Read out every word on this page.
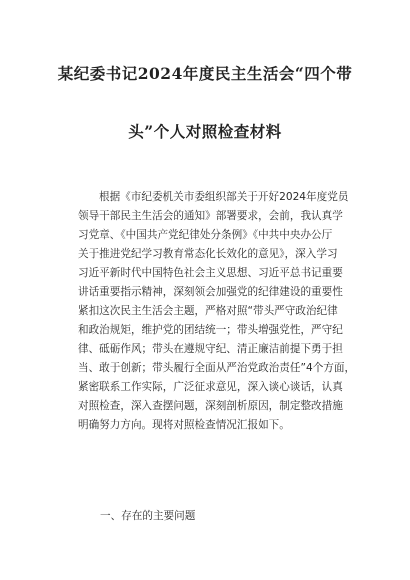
某纪委书记2024年度民主生活会“四个带
头”个人对照检查材料
根据《市纪委机关市委组织部关于开好2024年度党员
领导干部民主生活会的通知》部署要求，会前，我认真学
习党章、《中国共产党纪律处分条例》《中共中央办公厅
关于推进党纪学习教育常态化长效化的意见》，深入学习
习近平新时代中国特色社会主义思想、习近平总书记重要
讲话重要指示精神，深刻领会加强党的纪律建设的重要性
紧扣这次民主生活会主题，严格对照“带头严守政治纪律
和政治规矩，维护党的团结统一；带头增强党性，严守纪
律、砥砺作风；带头在遵规守纪、清正廉洁前提下勇于担
当、敢于创新；带头履行全面从严治党政治责任”4个方面，
紧密联系工作实际，广泛征求意见，深入谈心谈话，认真
对照检查，深入查摆问题，深刻剖析原因，制定整改措施
明确努力方向。现将对照检查情况汇报如下。
一、存在的主要问题
